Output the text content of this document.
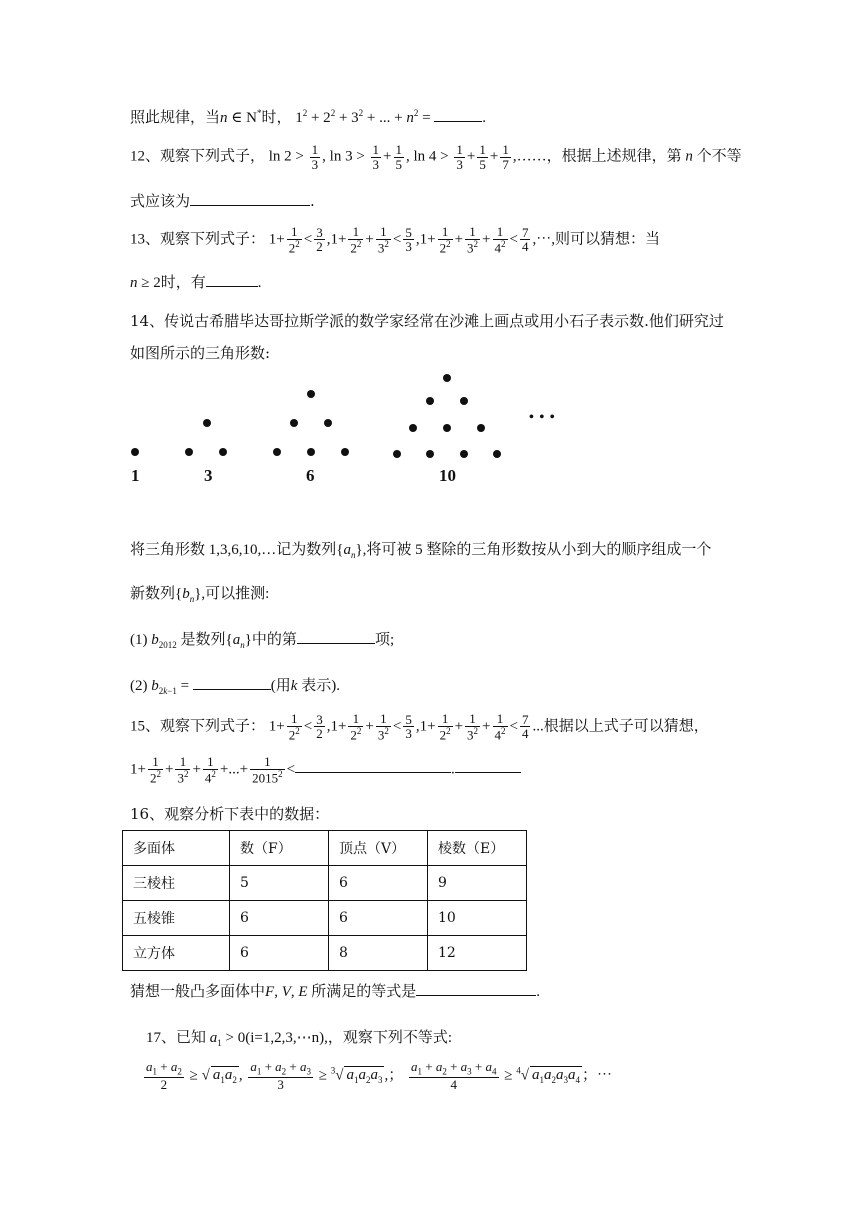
照此规律，当n ∈ N*时， $1^2 + 2^2 + 3^2$ + ... + $n^2$ =	.
12、观察下列式子， $\ln 2 > \frac{1}{3}$ , $\ln 3 > \frac{1}{3} + \frac{1}{5}$ , $\ln 4 > \frac{1}{3} + \frac{1}{5} + \frac{1}{7}$ ,……，根据上述规律，第 n 个不等
式应该为	.
13、观察下列式子： $1+ \frac{1}{2^2} < \frac{3}{2} ,1+ \frac{1}{2^2} + \frac{1}{3^2} < \frac{5}{3} ,1+ \frac{1}{2^2} + \frac{1}{3^2} + \frac{1}{4^2} < \frac{7}{4}$ ,⋯,则可以猜想：当
n ≥ 2时，有	.
14、传说古希腊毕达哥拉斯学派的数学家经常在沙滩上画点或用小石子表示数.他们研究过
如图所示的三角形数:
• • •
1	3	6	10
将三角形数 1,3,6,10,…记为数列$\{a_n\}$,将可被 5 整除的三角形数按从小到大的顺序组成一个
新数列$\{b_n\}$,可以推测:
(1) $b_{2012}$ 是数列$\{a_n\}$中的第	项;
(2) $b_{2k-1}$ =	(用k 表示).
15、观察下列式子： $1+ \frac{1}{2^2} < \frac{3}{2} ,1+ \frac{1}{2^2} + \frac{1}{3^2} < \frac{5}{3} ,1+ \frac{1}{2^2} + \frac{1}{3^2} + \frac{1}{4^2} < \frac{7}{4}$ ...根据以上式子可以猜想，
$1+ \frac{1}{2^2} + \frac{1}{3^2} + \frac{1}{4^2}$ +...+ $\frac{1}{2015^2}$ <	.
16、观察分析下表中的数据：
多面体	数（F）	顶点（V）	棱数（E）
三棱柱	5	6	9
五棱锥	6	6	10
立方体	6	8	12
猜想一般凸多面体中F, V, E 所满足的等式是	.
17、已知 $a_1$ > 0(i=1,2,3,⋯n),，观察下列不等式:
$\frac{a_1 + a_2}{2}$ ≥ √ $a_1a_2$ , $\frac{a_1 + a_2 + a_3}{3} \ge ^3√$ $a_1a_2a_3$ ,； $\frac{a_1 + a_2 + a_3 + a_4}{4} \ge ^4√$ $a_1a_2a_3a_4$ ；⋯
